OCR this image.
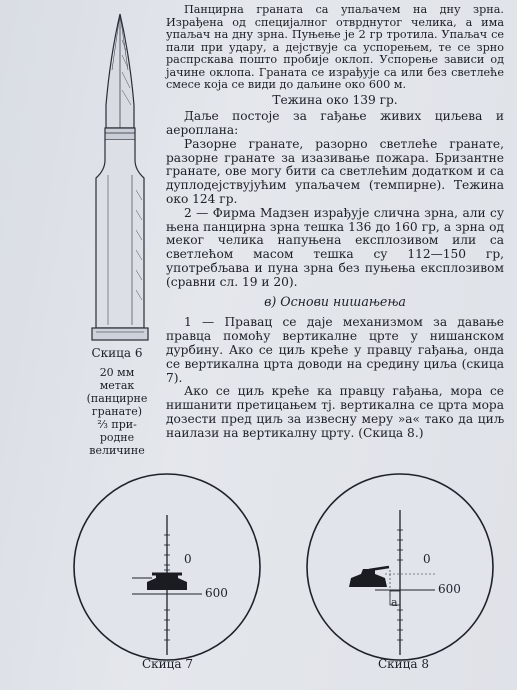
Скица 6
20 мм
метак
(панцирне
гранате)
⅔ при-
родне
величине

Панцирна граната са упаљачем на дну зрна. Израђена од специјалног отврднутог челика, а има упаљач на дну зрна. Пуњење је 2 гр тротила. Упаљач се пали при удару, а дејствује са успорењем, те се зрно распрскава пошто пробије оклоп. Успорење зависи од јачине оклопа. Граната се израђује са или без светлеће смесе која се види до даљине око 600 м.

Тежина око 139 гр.

Даље постоје за гађање живих циљева и аероплана:

Разорне гранате, разорно светлеће гранате, разорне гранате за изазивање пожара. Бризантне гранате, ове могу бити са светлећим додатком и са дуплодејствујућим упаљачем (темпирне). Тежина око 124 гр.

2 — Фирма Мадзен израђује слична зрна, али су њена панцирна зрна тешка 136 до 160 гр, а зрна од меког челика напуњена експлозивом или са светлећом масом тешка су 112—150 гр, употребљава и пуна зрна без пуњења експлозивом (сравни сл. 19 и 20).

в) Основи нишањења

1 — Правац се даје механизмом за давање правца помоћу вертикалне цртe у нишанском дурбину. Ако се циљ креће у правцу гађања, онда се вертикална црта доводи на средину циља (скица 7).

Ако се циљ креће ка правцу гађања, мора се нишанити претицањем тј. вертикална се црта мора дозести пред циљ за извесну меру »а« тако да циљ наилази на вертикалну црту. (Скица 8.)

0
600
Скица 7
0
600
а
Скица 8
